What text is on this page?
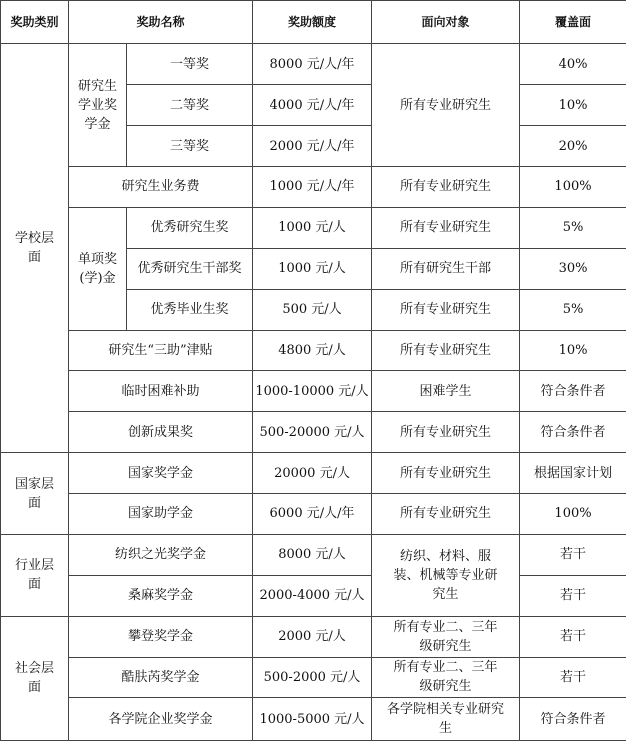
奖助类别	奖助名称		奖助额度	面向对象	覆盖面
学校层面	研究生学业奖学金	一等奖	8000 元/人/年	所有专业研究生	40%
		二等奖	4000 元/人/年		10%
		三等奖	2000 元/人/年		20%
	研究生业务费		1000 元/人/年	所有专业研究生	100%
	单项奖(学)金	优秀研究生奖	1000 元/人	所有专业研究生	5%
		优秀研究生干部奖	1000 元/人	所有研究生干部	30%
		优秀毕业生奖	500 元/人	所有专业研究生	5%
	研究生“三助”津贴		4800 元/人	所有专业研究生	10%
	临时困难补助		1000-10000 元/人	困难学生	符合条件者
	创新成果奖		500-20000 元/人	所有专业研究生	符合条件者
国家层面	国家奖学金		20000 元/人	所有专业研究生	根据国家计划
	国家助学金		6000 元/人/年	所有专业研究生	100%
行业层面	纺织之光奖学金		8000 元/人	纺织、材料、服装、机械等专业研究生	若干
	桑麻奖学金		2000-4000 元/人		若干
社会层面	攀登奖学金		2000 元/人	所有专业二、三年级研究生	若干
	酷肤芮奖学金		500-2000 元/人	所有专业二、三年级研究生	若干
	各学院企业奖学金		1000-5000 元/人	各学院相关专业研究生	符合条件者
